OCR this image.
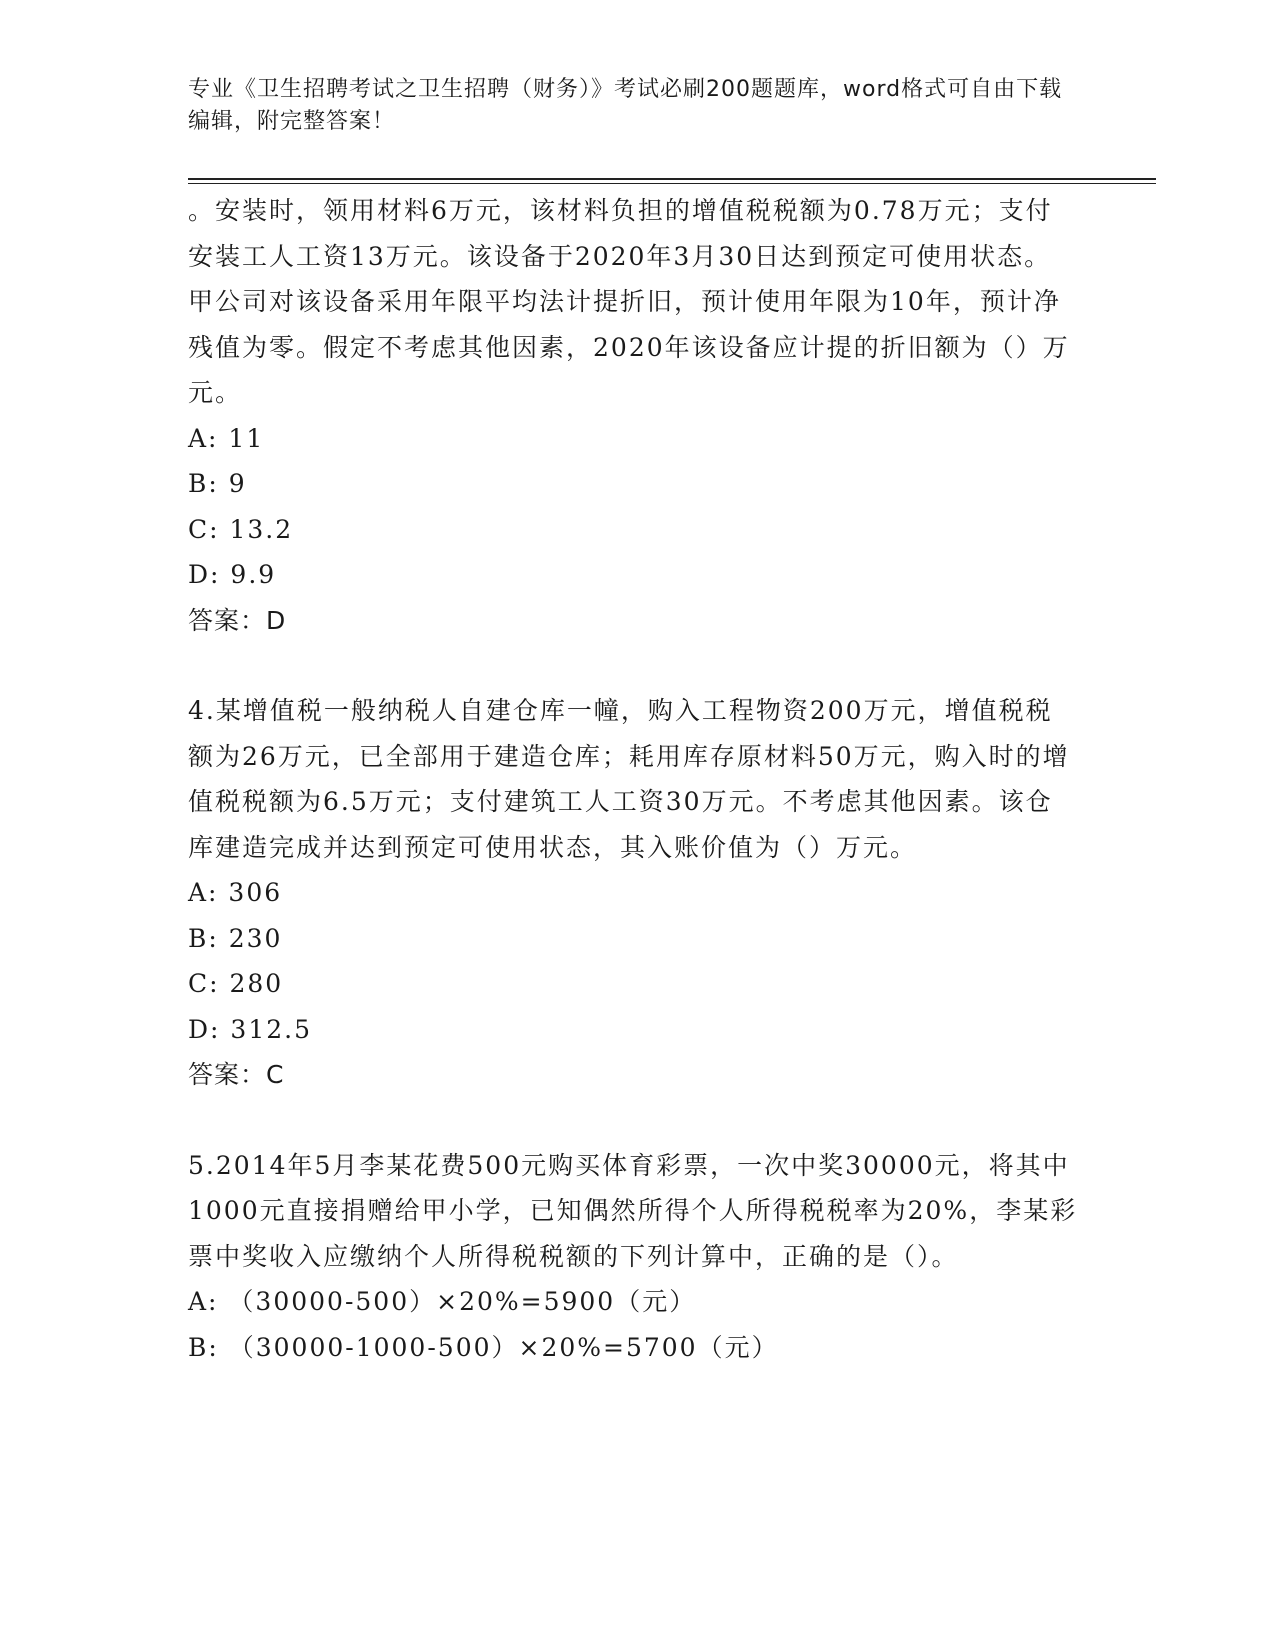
专业《卫生招聘考试之卫生招聘（财务）》考试必刷200题题库，word格式可自由下载编辑，附完整答案！

。安装时，领用材料6万元，该材料负担的增值税税额为0.78万元；支付安装工人工资13万元。该设备于2020年3月30日达到预定可使用状态。甲公司对该设备采用年限平均法计提折旧，预计使用年限为10年，预计净残值为零。假定不考虑其他因素，2020年该设备应计提的折旧额为（）万元。

A: 11

B: 9

C: 13.2

D: 9.9

答案：D

4.某增值税一般纳税人自建仓库一幢，购入工程物资200万元，增值税税额为26万元，已全部用于建造仓库；耗用库存原材料50万元，购入时的增值税税额为6.5万元；支付建筑工人工资30万元。不考虑其他因素。该仓库建造完成并达到预定可使用状态，其入账价值为（）万元。

A: 306

B: 230

C: 280

D: 312.5

答案：C

5.2014年5月李某花费500元购买体育彩票，一次中奖30000元，将其中1000元直接捐赠给甲小学，已知偶然所得个人所得税税率为20%，李某彩票中奖收入应缴纳个人所得税税额的下列计算中，正确的是（）。

A: （30000-500）×20%=5900（元）

B: （30000-1000-500）×20%=5700（元）
